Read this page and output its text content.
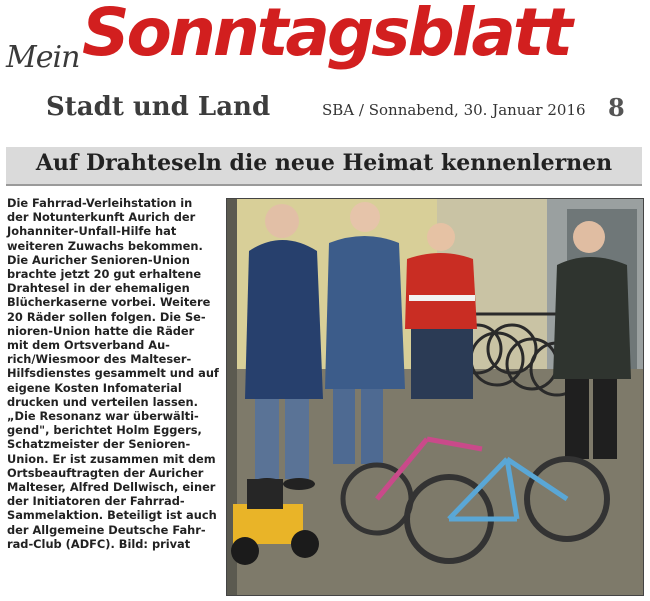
Mein Sonntagsblatt
Stadt und Land	SBA / Sonnabend, 30. Januar 2016 8
Auf Drahteseln die neue Heimat kennenlernen
Die Fahrrad-Verleihstation in
der Notunterkunft Aurich der
Johanniter-Unfall-Hilfe hat
weiteren Zuwachs bekommen.
Die Auricher Senioren-Union
brachte jetzt 20 gut erhaltene
Drahtesel in der ehemaligen
Blücherkaserne vorbei. Weitere
20 Räder sollen folgen. Die Se-
nioren-Union hatte die Räder
mit dem Ortsverband Au-
rich/Wiesmoor des Malteser-
Hilfsdienstes gesammelt und auf
eigene Kosten Infomaterial
drucken und verteilen lassen.
„Die Resonanz war überwälti-
gend", berichtet Holm Eggers,
Schatzmeister der Senioren-
Union. Er ist zusammen mit dem
Ortsbeauftragten der Auricher
Malteser, Alfred Dellwisch, einer
der Initiatoren der Fahrrad-
Sammelaktion. Beteiligt ist auch
der Allgemeine Deutsche Fahr-
rad-Club (ADFC). Bild: privat
